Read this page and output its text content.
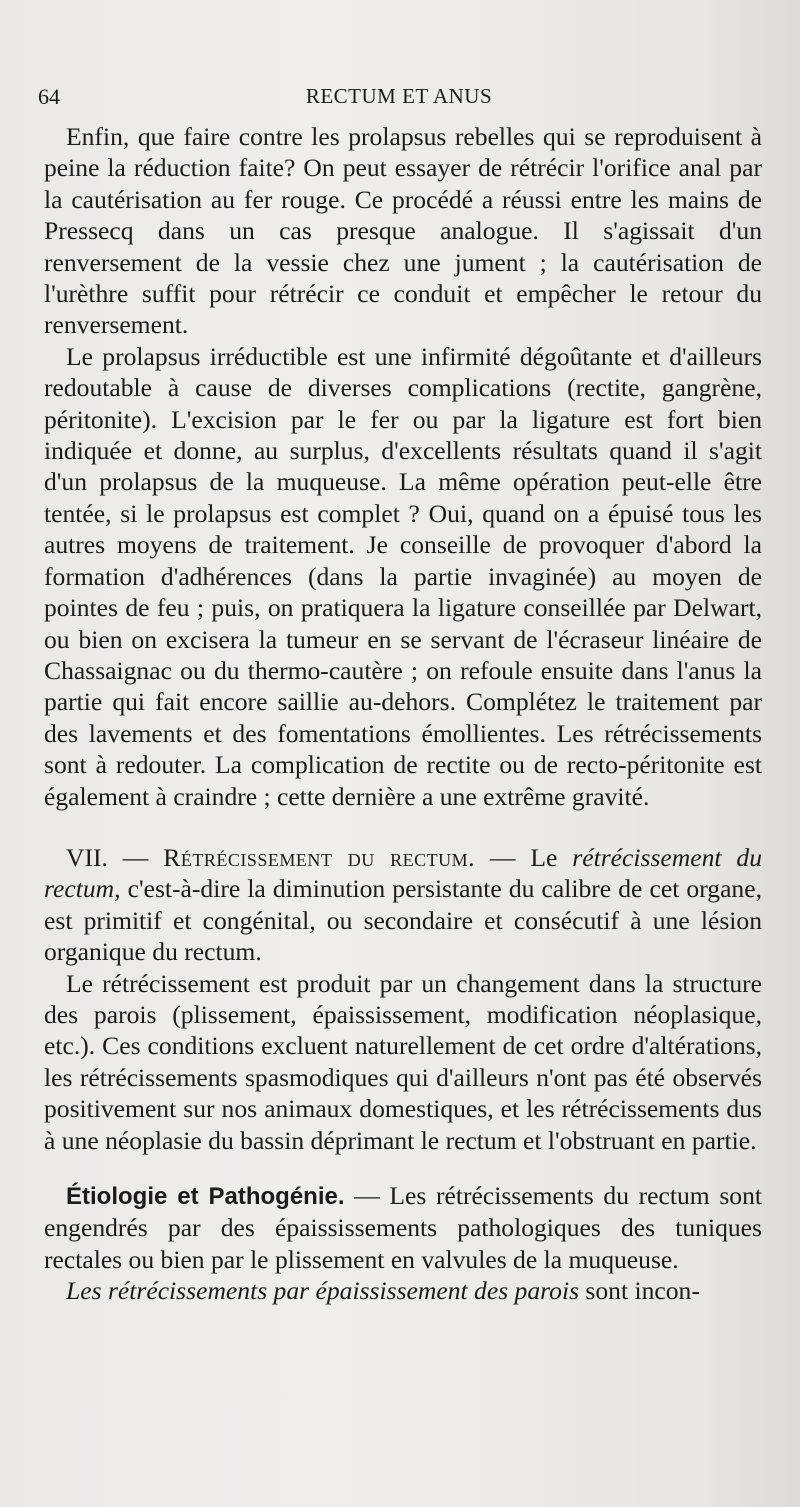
64	RECTUM ET ANUS

Enfin, que faire contre les prolapsus rebelles qui se reproduisent à peine la réduction faite? On peut essayer de rétrécir l'orifice anal par la cautérisation au fer rouge. Ce procédé a réussi entre les mains de Pressecq dans un cas presque analogue. Il s'agissait d'un renversement de la vessie chez une jument ; la cautérisation de l'urèthre suffit pour rétrécir ce conduit et empêcher le retour du renversement.

Le prolapsus irréductible est une infirmité dégoûtante et d'ailleurs redoutable à cause de diverses complications (rectite, gangrène, péritonite). L'excision par le fer ou par la ligature est fort bien indiquée et donne, au surplus, d'excellents résultats quand il s'agit d'un prolapsus de la muqueuse. La même opération peut-elle être tentée, si le prolapsus est complet ? Oui, quand on a épuisé tous les autres moyens de traitement. Je conseille de provoquer d'abord la formation d'adhérences (dans la partie invaginée) au moyen de pointes de feu ; puis, on pratiquera la ligature conseillée par Delwart, ou bien on excisera la tumeur en se servant de l'écraseur linéaire de Chassaignac ou du thermo-cautère ; on refoule ensuite dans l'anus la partie qui fait encore saillie au-dehors. Complétez le traitement par des lavements et des fomentations émollientes. Les rétrécissements sont à redouter. La complication de rectite ou de recto-péritonite est également à craindre ; cette dernière a une extrême gravité.

VII. — Rétrécissement du rectum. — Le rétrécissement du rectum, c'est-à-dire la diminution persistante du calibre de cet organe, est primitif et congénital, ou secondaire et consécutif à une lésion organique du rectum.

Le rétrécissement est produit par un changement dans la structure des parois (plissement, épaississement, modification néoplasique, etc.). Ces conditions excluent naturellement de cet ordre d'altérations, les rétrécissements spasmodiques qui d'ailleurs n'ont pas été observés positivement sur nos animaux domestiques, et les rétrécissements dus à une néoplasie du bassin déprimant le rectum et l'obstruant en partie.

Étiologie et Pathogénie. — Les rétrécissements du rectum sont engendrés par des épaississements pathologiques des tuniques rectales ou bien par le plissement en valvules de la muqueuse.

Les rétrécissements par épaississement des parois sont incon-
